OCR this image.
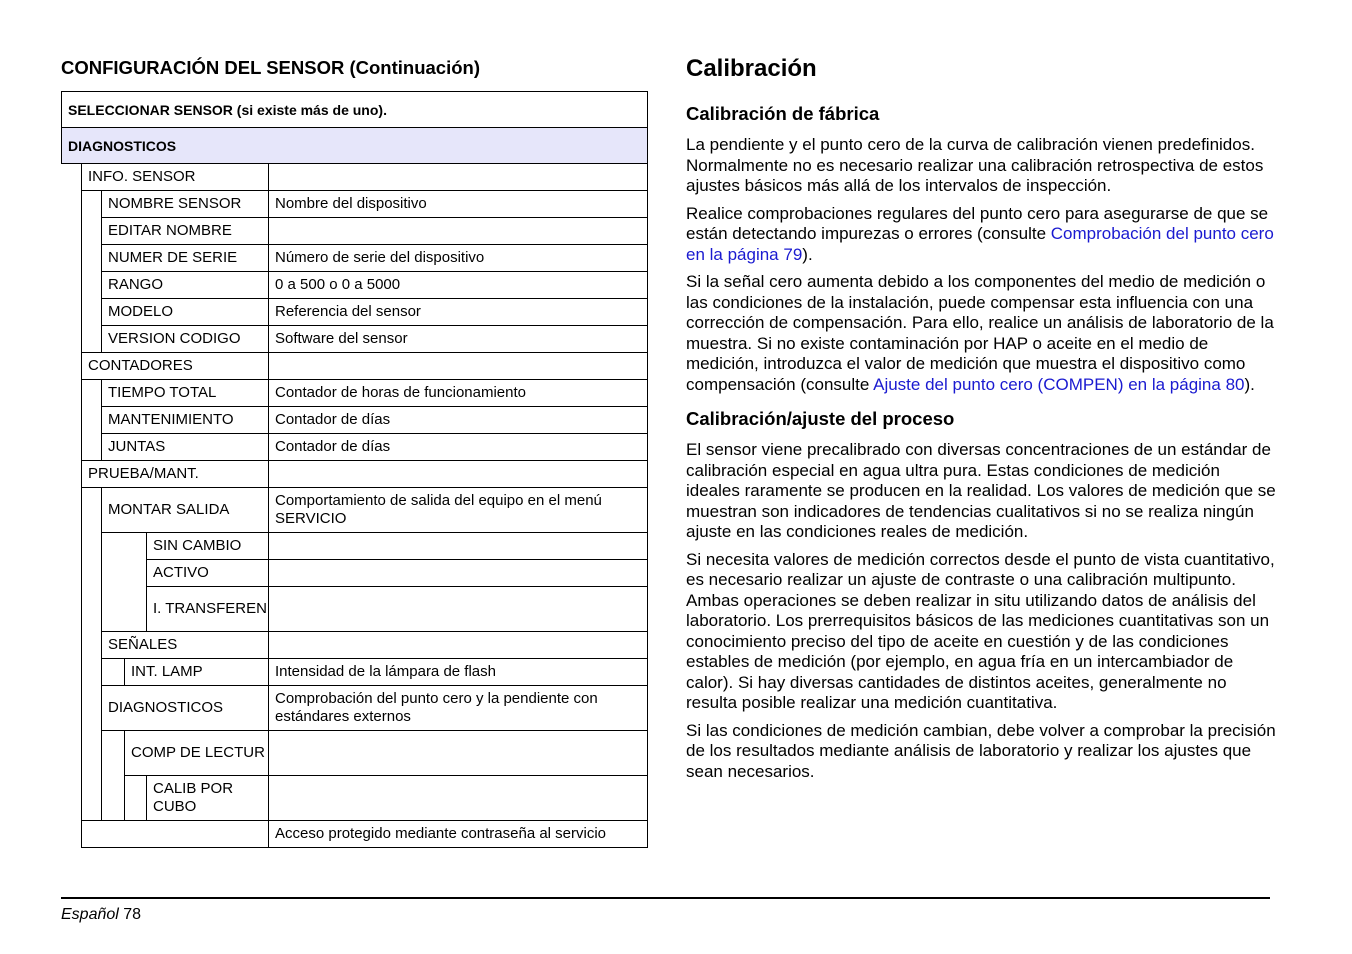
CONFIGURACIÓN DEL SENSOR (Continuación)
SELECCIONAR SENSOR (si existe más de uno).					
DIAGNOSTICOS					
	INFO. SENSOR				
		NOMBRE SENSOR			Nombre del dispositivo
		EDITAR NOMBRE			
		NUMER DE SERIE			Número de serie del dispositivo
		RANGO			0 a 500 o 0 a 5000
		MODELO			Referencia del sensor
		VERSION CODIGO			Software del sensor
	CONTADORES				
		TIEMPO TOTAL			Contador de horas de funcionamiento
		MANTENIMIENTO			Contador de días
		JUNTAS			Contador de días
	PRUEBA/MANT.				
		MONTAR SALIDA			Comportamiento de salida del equipo en el menú SERVICIO
				SIN CAMBIO	
				ACTIVO	
				I. TRANSFEREN	
		SEÑALES			
			INT. LAMP		Intensidad de la lámpara de flash
		DIAGNOSTICOS			Comprobación del punto cero y la pendiente con estándares externos
			COMP DE LECTUR		
				CALIB POR CUBO	
					Acceso protegido mediante contraseña al servicio
Calibración
Calibración de fábrica

La pendiente y el punto cero de la curva de calibración vienen predefinidos. Normalmente no es necesario realizar una calibración retrospectiva de estos ajustes básicos más allá de los intervalos de inspección.

Realice comprobaciones regulares del punto cero para asegurarse de que se están detectando impurezas o errores (consulte Comprobación del punto cero en la página 79).

Si la señal cero aumenta debido a los componentes del medio de medición o las condiciones de la instalación, puede compensar esta influencia con una corrección de compensación. Para ello, realice un análisis de laboratorio de la muestra. Si no existe contaminación por HAP o aceite en el medio de medición, introduzca el valor de medición que muestra el dispositivo como compensación (consulte Ajuste del punto cero (COMPEN) en la página 80).

Calibración/ajuste del proceso

El sensor viene precalibrado con diversas concentraciones de un estándar de calibración especial en agua ultra pura. Estas condiciones de medición ideales raramente se producen en la realidad. Los valores de medición que se muestran son indicadores de tendencias cualitativos si no se realiza ningún ajuste en las condiciones reales de medición.

Si necesita valores de medición correctos desde el punto de vista cuantitativo, es necesario realizar un ajuste de contraste o una calibración multipunto. Ambas operaciones se deben realizar in situ utilizando datos de análisis del laboratorio. Los prerrequisitos básicos de las mediciones cuantitativas son un conocimiento preciso del tipo de aceite en cuestión y de las condiciones estables de medición (por ejemplo, en agua fría en un intercambiador de calor). Si hay diversas cantidades de distintos aceites, generalmente no resulta posible realizar una medición cuantitativa.

Si las condiciones de medición cambian, debe volver a comprobar la precisión de los resultados mediante análisis de laboratorio y realizar los ajustes que sean necesarios.

Español 78
